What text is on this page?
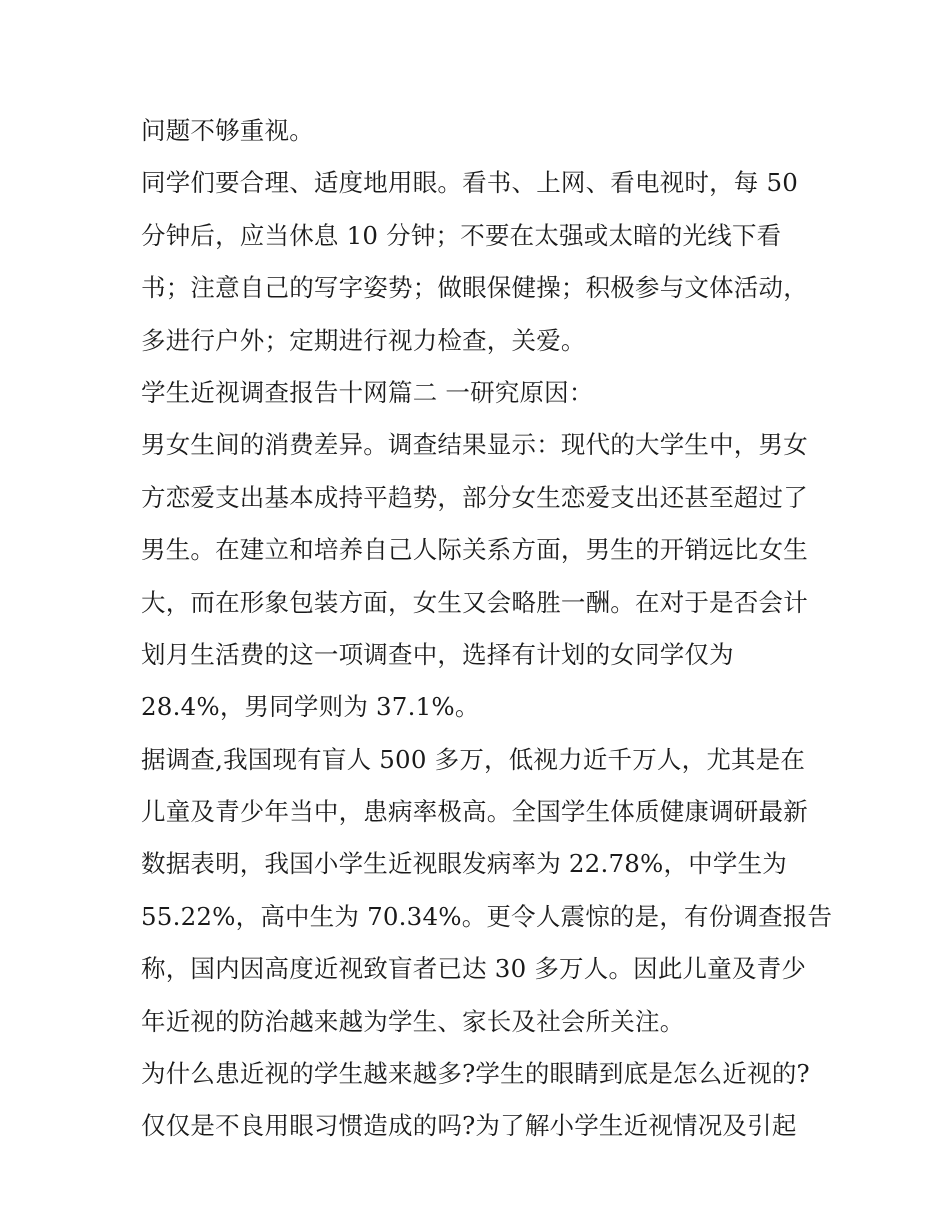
问题不够重视。
同学们要合理、适度地用眼。看书、上网、看电视时，每 50
分钟后，应当休息 10 分钟；不要在太强或太暗的光线下看
书；注意自己的写字姿势；做眼保健操；积极参与文体活动，
多进行户外；定期进行视力检查，关爱。
学生近视调查报告十网篇二 一研究原因：
男女生间的消费差异。调查结果显示：现代的大学生中，男女
方恋爱支出基本成持平趋势，部分女生恋爱支出还甚至超过了
男生。在建立和培养自己人际关系方面，男生的开销远比女生
大，而在形象包装方面，女生又会略胜一酬。在对于是否会计
划月生活费的这一项调查中，选择有计划的女同学仅为
28.4%，男同学则为 37.1%。
据调查,我国现有盲人 500 多万，低视力近千万人，尤其是在
儿童及青少年当中，患病率极高。全国学生体质健康调研最新
数据表明，我国小学生近视眼发病率为 22.78%，中学生为
55.22%，高中生为 70.34%。更令人震惊的是，有份调查报告
称，国内因高度近视致盲者已达 30 多万人。因此儿童及青少
年近视的防治越来越为学生、家长及社会所关注。
为什么患近视的学生越来越多?学生的眼睛到底是怎么近视的?
仅仅是不良用眼习惯造成的吗?为了解小学生近视情况及引起
